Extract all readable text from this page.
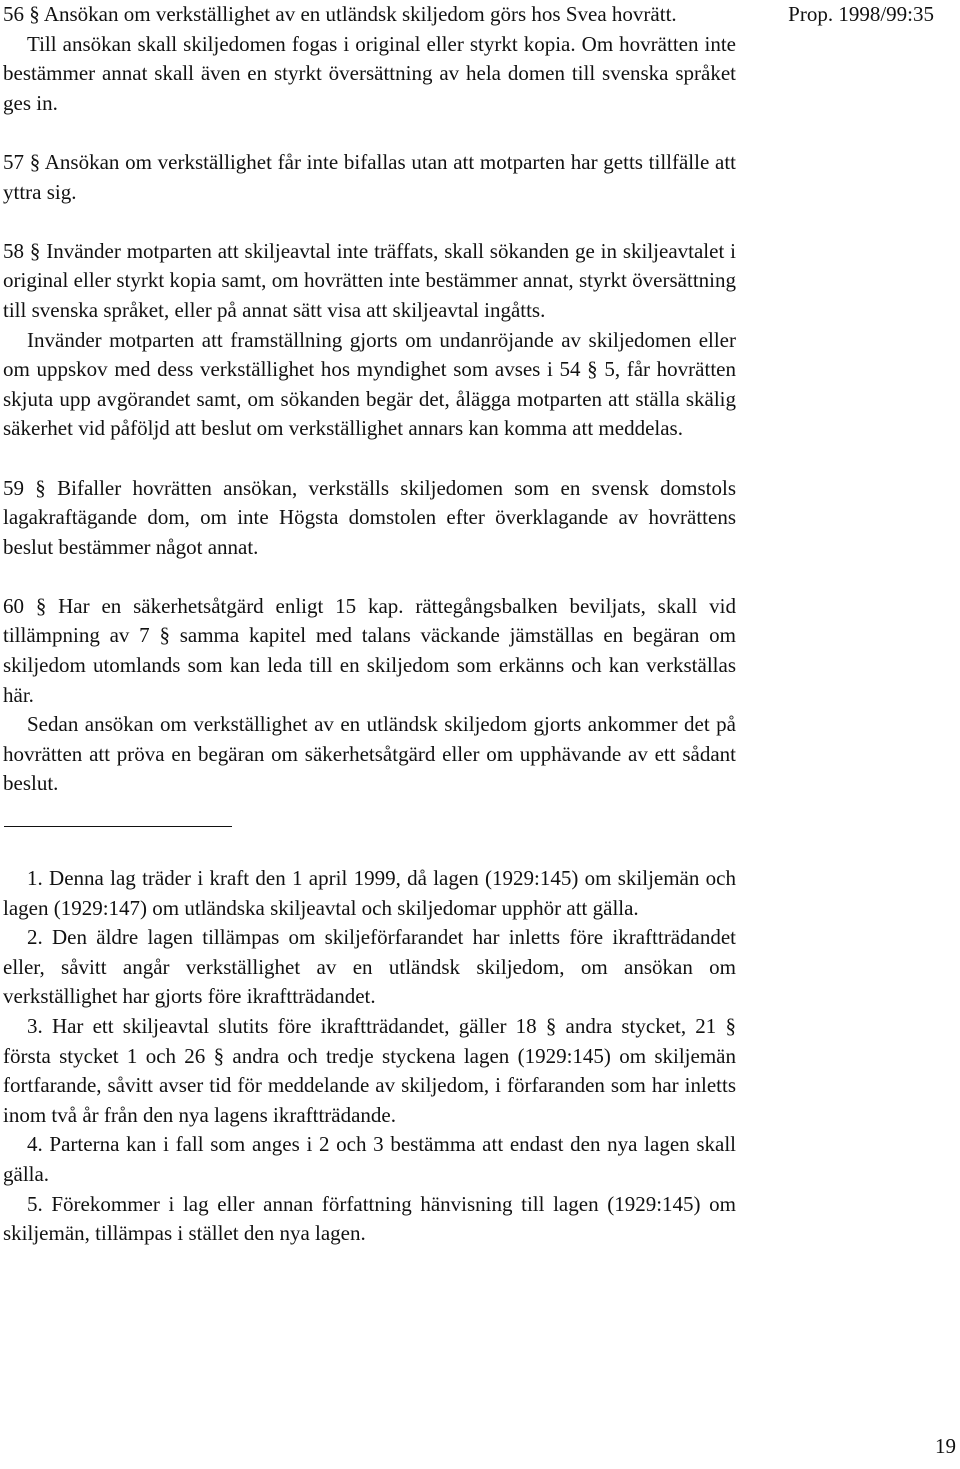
Prop. 1998/99:35

56 § Ansökan om verkställighet av en utländsk skiljedom görs hos Svea hovrätt.

Till ansökan skall skiljedomen fogas i original eller styrkt kopia. Om hovrätten inte bestämmer annat skall även en styrkt översättning av hela domen till svenska språket ges in.

57 § Ansökan om verkställighet får inte bifallas utan att motparten har getts tillfälle att yttra sig.

58 § Invänder motparten att skiljeavtal inte träffats, skall sökanden ge in skiljeavtalet i original eller styrkt kopia samt, om hovrätten inte bestämmer annat, styrkt översättning till svenska språket, eller på annat sätt visa att skiljeavtal ingåtts.

Invänder motparten att framställning gjorts om undanröjande av skiljedomen eller om uppskov med dess verkställighet hos myndighet som avses i 54 § 5, får hovrätten skjuta upp avgörandet samt, om sökanden begär det, ålägga motparten att ställa skälig säkerhet vid påföljd att beslut om verkställighet annars kan komma att meddelas.

59 § Bifaller hovrätten ansökan, verkställs skiljedomen som en svensk domstols lagakraftägande dom, om inte Högsta domstolen efter överklagande av hovrättens beslut bestämmer något annat.

60 § Har en säkerhetsåtgärd enligt 15 kap. rättegångsbalken beviljats, skall vid tillämpning av 7 § samma kapitel med talans väckande jämställas en begäran om skiljedom utomlands som kan leda till en skiljedom som erkänns och kan verkställas här.

Sedan ansökan om verkställighet av en utländsk skiljedom gjorts ankommer det på hovrätten att pröva en begäran om säkerhetsåtgärd eller om upphävande av ett sådant beslut.

1. Denna lag träder i kraft den 1 april 1999, då lagen (1929:145) om skiljemän och lagen (1929:147) om utländska skiljeavtal och skiljedomar upphör att gälla.

2. Den äldre lagen tillämpas om skiljeförfarandet har inletts före ikraftträdandet eller, såvitt angår verkställighet av en utländsk skiljedom, om ansökan om verkställighet har gjorts före ikraftträdandet.

3. Har ett skiljeavtal slutits före ikraftträdandet, gäller 18 § andra stycket, 21 § första stycket 1 och 26 § andra och tredje styckena lagen (1929:145) om skiljemän fortfarande, såvitt avser tid för meddelande av skiljedom, i förfaranden som har inletts inom två år från den nya lagens ikraftträdande.

4. Parterna kan i fall som anges i 2 och 3 bestämma att endast den nya lagen skall gälla.

5. Förekommer i lag eller annan författning hänvisning till lagen (1929:145) om skiljemän, tillämpas i stället den nya lagen.

19
